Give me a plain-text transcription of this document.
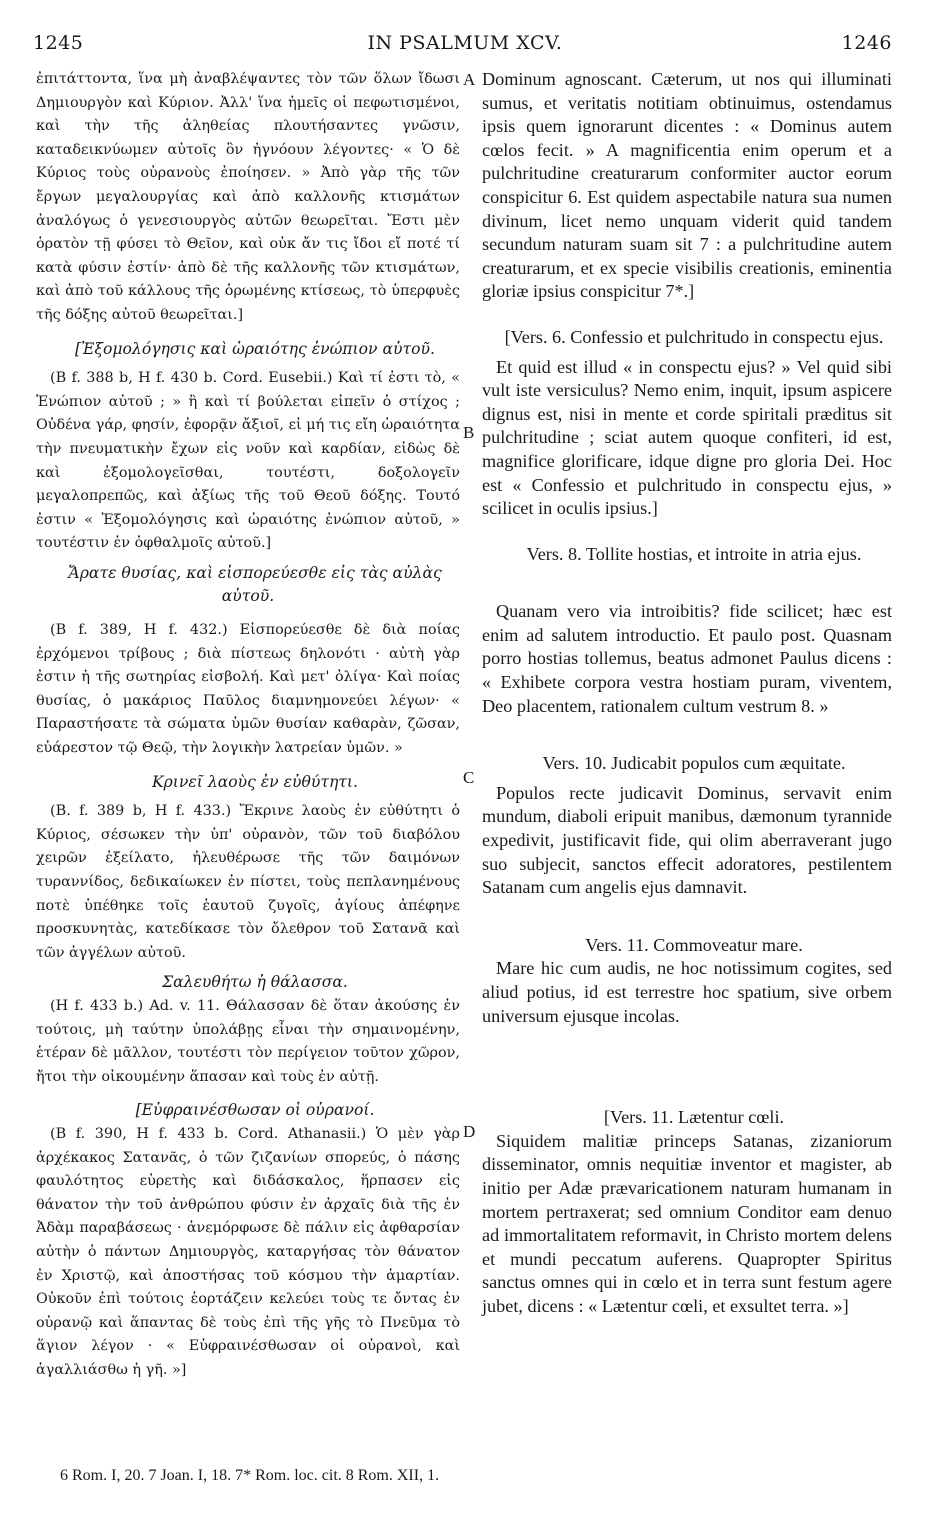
1245	IN PSALMUM XCV.	1246
A
B
C
D

ἐπιτάττοντα, ἵνα μὴ ἀναβλέψαντες τὸν τῶν ὅλων ἴδωσι Δημιουργὸν καὶ Κύριον. Ἀλλ' ἵνα ἡμεῖς οἱ πεφωτισμένοι, καὶ τὴν τῆς ἀληθείας πλουτήσαντες γνῶσιν, καταδεικνύωμεν αὐτοῖς ὃν ἠγνόουν λέγοντες· « Ὁ δὲ Κύριος τοὺς οὐρανοὺς ἐποίησεν. » Ἀπὸ γὰρ τῆς τῶν ἔργων μεγαλουργίας καὶ ἀπὸ καλλονῆς κτισμάτων ἀναλόγως ὁ γενεσιουργὸς αὐτῶν θεωρεῖται. Ἔστι μὲν ὁρατὸν τῇ φύσει τὸ Θεῖον, καὶ οὐκ ἄν τις ἴδοι εἴ ποτέ τί κατὰ φύσιν ἐστίν· ἀπὸ δὲ τῆς καλλονῆς τῶν κτισμάτων, καὶ ἀπὸ τοῦ κάλλους τῆς ὁρωμένης κτίσεως, τὸ ὑπερφυὲς τῆς δόξης αὐτοῦ θεωρεῖται.]

[Ἐξομολόγησις καὶ ὡραιότης ἐνώπιον αὐτοῦ.

(B f. 388 b, H f. 430 b. Cord. Eusebii.) Καὶ τί ἐστι τὸ, « Ἐνώπιον αὐτοῦ ; » ἢ καὶ τί βούλεται εἰπεῖν ὁ στίχος ; Οὐδένα γάρ, φησίν, ἐφορᾷν ἄξιοῖ, εἰ μή τις εἴη ὡραιότητα τὴν πνευματικὴν ἔχων εἰς νοῦν καὶ καρδίαν, εἰδὼς δὲ καὶ ἐξομολογεῖσθαι, τουτέστι, δοξολογεῖν μεγαλοπρεπῶς, καὶ ἀξίως τῆς τοῦ Θεοῦ δόξης. Τουτό ἐστιν « Ἐξομολόγησις καὶ ὡραιότης ἐνώπιον αὐτοῦ, » τουτέστιν ἐν ὀφθαλμοῖς αὐτοῦ.]

Ἄρατε θυσίας, καὶ εἰσπορεύεσθε εἰς τὰς αὐλὰς αὐτοῦ.

(B f. 389, H f. 432.) Εἰσπορεύεσθε δὲ διὰ ποίας ἐρχόμενοι τρίβους ; διὰ πίστεως δηλονότι · αὐτὴ γὰρ ἐστιν ἡ τῆς σωτηρίας εἰσβολή. Καὶ μετ' ὀλίγα· Καὶ ποίας θυσίας, ὁ μακάριος Παῦλος διαμνημονεύει λέγων· « Παραστήσατε τὰ σώματα ὑμῶν θυσίαν καθαρὰν, ζῶσαν, εὐάρεστον τῷ Θεῷ, τὴν λογικὴν λατρείαν ὑμῶν. »

Κρινεῖ λαοὺς ἐν εὐθύτητι.

(B. f. 389 b, H f. 433.) Ἔκρινε λαοὺς ἐν εὐθύτητι ὁ Κύριος, σέσωκεν τὴν ὑπ' οὐρανὸν, τῶν τοῦ διαβόλου χειρῶν ἐξείλατο, ἠλευθέρωσε τῆς τῶν δαιμόνων τυραννίδος, δεδικαίωκεν ἐν πίστει, τοὺς πεπλανημένους ποτὲ ὑπέθηκε τοῖς ἑαυτοῦ ζυγοῖς, ἁγίους ἀπέφηνε προσκυνητὰς, κατεδίκασε τὸν ὄλεθρον τοῦ Σατανᾶ καὶ τῶν ἀγγέλων αὐτοῦ.

Σαλευθήτω ἡ θάλασσα.

(H f. 433 b.) Ad. v. 11. Θάλασσαν δὲ ὅταν ἀκούσης ἐν τούτοις, μὴ ταύτην ὑπολάβῃς εἶναι τὴν σημαινομένην, ἑτέραν δὲ μᾶλλον, τουτέστι τὸν περίγειον τοῦτον χῶρον, ἤτοι τὴν οἰκουμένην ἅπασαν καὶ τοὺς ἐν αὐτῇ.

[Εὐφραινέσθωσαν οἱ οὐρανοί.

(B f. 390, H f. 433 b. Cord. Athanasii.) Ὁ μὲν γὰρ ἀρχέκακος Σατανᾶς, ὁ τῶν ζιζανίων σπορεύς, ὁ πάσης φαυλότητος εὑρετὴς καὶ διδάσκαλος, ἥρπασεν εἰς θάνατον τὴν τοῦ ἀνθρώπου φύσιν ἐν ἀρχαῖς διὰ τῆς ἐν Ἀδὰμ παραβάσεως · ἀνεμόρφωσε δὲ πάλιν εἰς ἀφθαρσίαν αὐτὴν ὁ πάντων Δημιουργὸς, καταργήσας τὸν θάνατον ἐν Χριστῷ, καὶ ἀποστήσας τοῦ κόσμου τὴν ἁμαρτίαν. Οὐκοῦν ἐπὶ τούτοις ἑορτάζειν κελεύει τοὺς τε ὄντας ἐν οὐρανῷ καὶ ἅπαντας δὲ τοὺς ἐπὶ τῆς γῆς τὸ Πνεῦμα τὸ ἅγιον λέγον · « Εὐφραινέσθωσαν οἱ οὐρανοὶ, καὶ ἀγαλλιάσθω ἡ γῆ. »]

Dominum agnoscant. Cæterum, ut nos qui illuminati sumus, et veritatis notitiam obtinuimus, ostendamus ipsis quem ignorarunt dicentes : « Dominus autem cœlos fecit. » A magnificentia enim operum et a pulchritudine creaturarum conformiter auctor eorum conspicitur 6. Est quidem aspectabile natura sua numen divinum, licet nemo unquam viderit quid tandem secundum naturam suam sit 7 : a pulchritudine autem creaturarum, et ex specie visibilis creationis, eminentia gloriæ ipsius conspicitur 7*.]

[Vers. 6. Confessio et pulchritudo in conspectu ejus.

Et quid est illud « in conspectu ejus? » Vel quid sibi vult iste versiculus? Nemo enim, inquit, ipsum aspicere dignus est, nisi in mente et corde spiritali præditus sit pulchritudine ; sciat autem quoque confiteri, id est, magnifice glorificare, idque digne pro gloria Dei. Hoc est « Confessio et pulchritudo in conspectu ejus, » scilicet in oculis ipsius.]

Vers. 8. Tollite hostias, et introite in atria ejus.

Quanam vero via introibitis? fide scilicet; hæc est enim ad salutem introductio. Et paulo post. Quasnam porro hostias tollemus, beatus admonet Paulus dicens : « Exhibete corpora vestra hostiam puram, viventem, Deo placentem, rationalem cultum vestrum 8. »

Vers. 10. Judicabit populos cum æquitate.

Populos recte judicavit Dominus, servavit enim mundum, diaboli eripuit manibus, dæmonum tyrannide expedivit, justificavit fide, qui olim aberraverant jugo suo subjecit, sanctos effecit adoratores, pestilentem Satanam cum angelis ejus damnavit.

Vers. 11. Commoveatur mare.

Mare hic cum audis, ne hoc notissimum cogites, sed aliud potius, id est terrestre hoc spatium, sive orbem universum ejusque incolas.

[Vers. 11. Lætentur cœli.

Siquidem malitiæ princeps Satanas, zizaniorum disseminator, omnis nequitiæ inventor et magister, ab initio per Adæ prævaricationem naturam humanam in mortem pertraxerat; sed omnium Conditor eam denuo ad immortalitatem reformavit, in Christo mortem delens et mundi peccatum auferens. Quapropter Spiritus sanctus omnes qui in cœlo et in terra sunt festum agere jubet, dicens : « Lætentur cœli, et exsultet terra. »]

6 Rom. I, 20. 7 Joan. I, 18. 7* Rom. loc. cit. 8 Rom. XII, 1.
